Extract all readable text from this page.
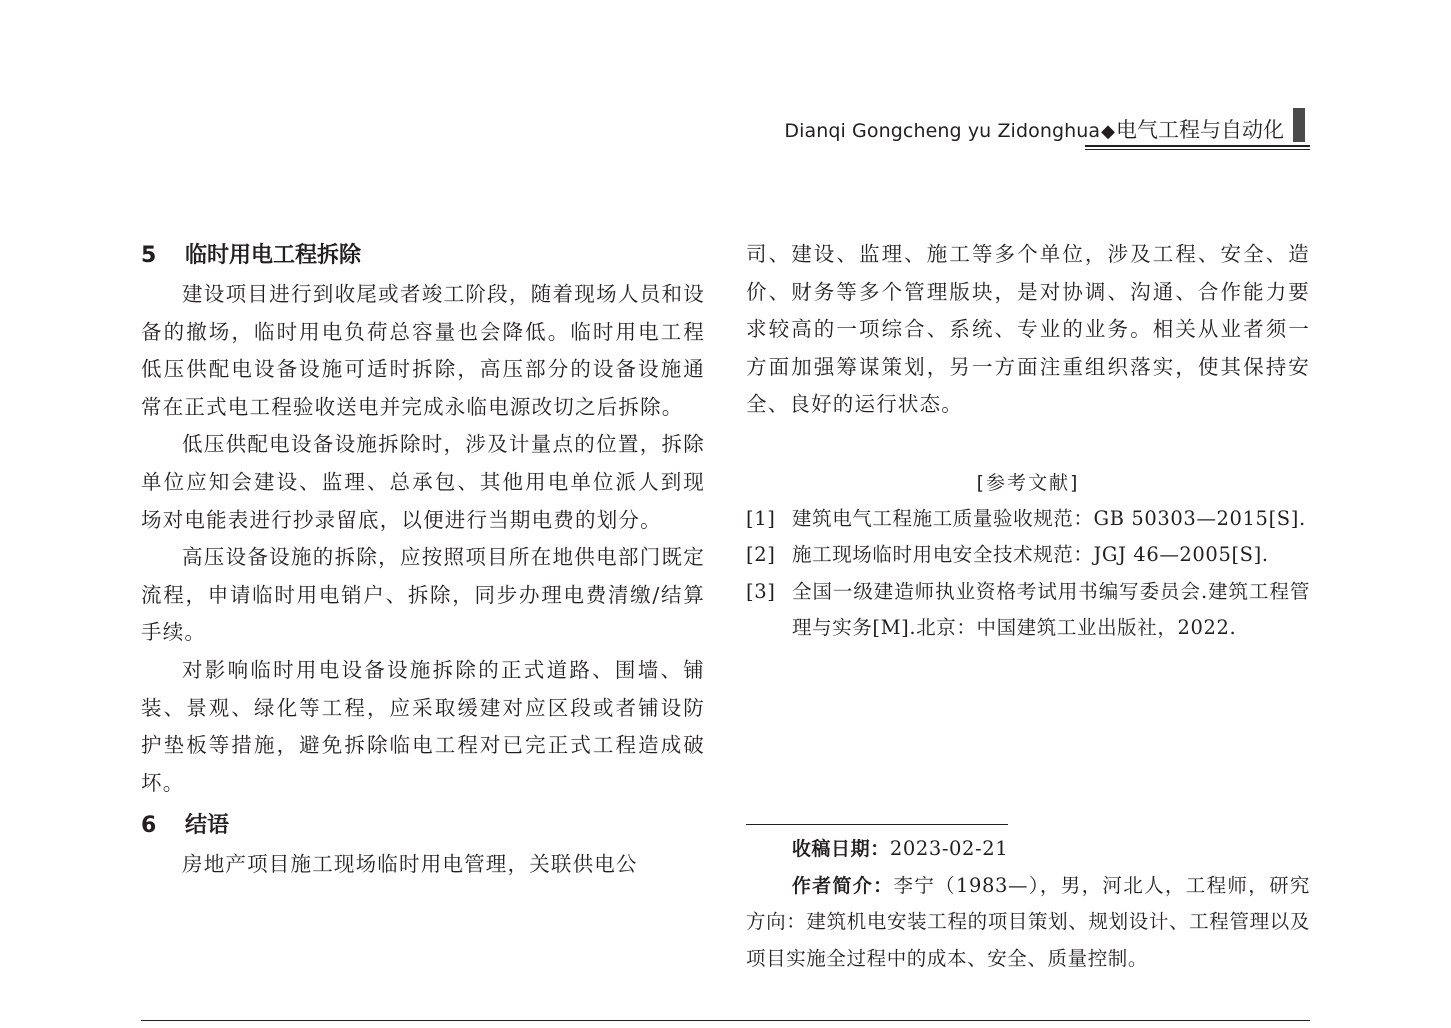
Dianqi Gongcheng yu Zidonghua◆电气工程与自动化
5 临时用电工程拆除

建设项目进行到收尾或者竣工阶段，随着现场人员和设备的撤场，临时用电负荷总容量也会降低。临时用电工程低压供配电设备设施可适时拆除，高压部分的设备设施通常在正式电工程验收送电并完成永临电源改切之后拆除。

低压供配电设备设施拆除时，涉及计量点的位置，拆除单位应知会建设、监理、总承包、其他用电单位派人到现场对电能表进行抄录留底，以便进行当期电费的划分。

高压设备设施的拆除，应按照项目所在地供电部门既定流程，申请临时用电销户、拆除，同步办理电费清缴/结算手续。

对影响临时用电设备设施拆除的正式道路、围墙、铺装、景观、绿化等工程，应采取缓建对应区段或者铺设防护垫板等措施，避免拆除临电工程对已完正式工程造成破坏。

6 结语

房地产项目施工现场临时用电管理，关联供电公

司、建设、监理、施工等多个单位，涉及工程、安全、造价、财务等多个管理版块，是对协调、沟通、合作能力要求较高的一项综合、系统、专业的业务。相关从业者须一方面加强筹谋策划，另一方面注重组织落实，使其保持安全、良好的运行状态。

[参考文献]

[1] 建筑电气工程施工质量验收规范：GB 50303—2015[S].
[2] 施工现场临时用电安全技术规范：JGJ 46—2005[S].
[3] 全国一级建造师执业资格考试用书编写委员会.建筑工程管理与实务[M].北京：中国建筑工业出版社，2022.

收稿日期：2023-02-21

作者简介：李宁（1983—），男，河北人，工程师，研究方向：建筑机电安装工程的项目策划、规划设计、工程管理以及项目实施全过程中的成本、安全、质量控制。
